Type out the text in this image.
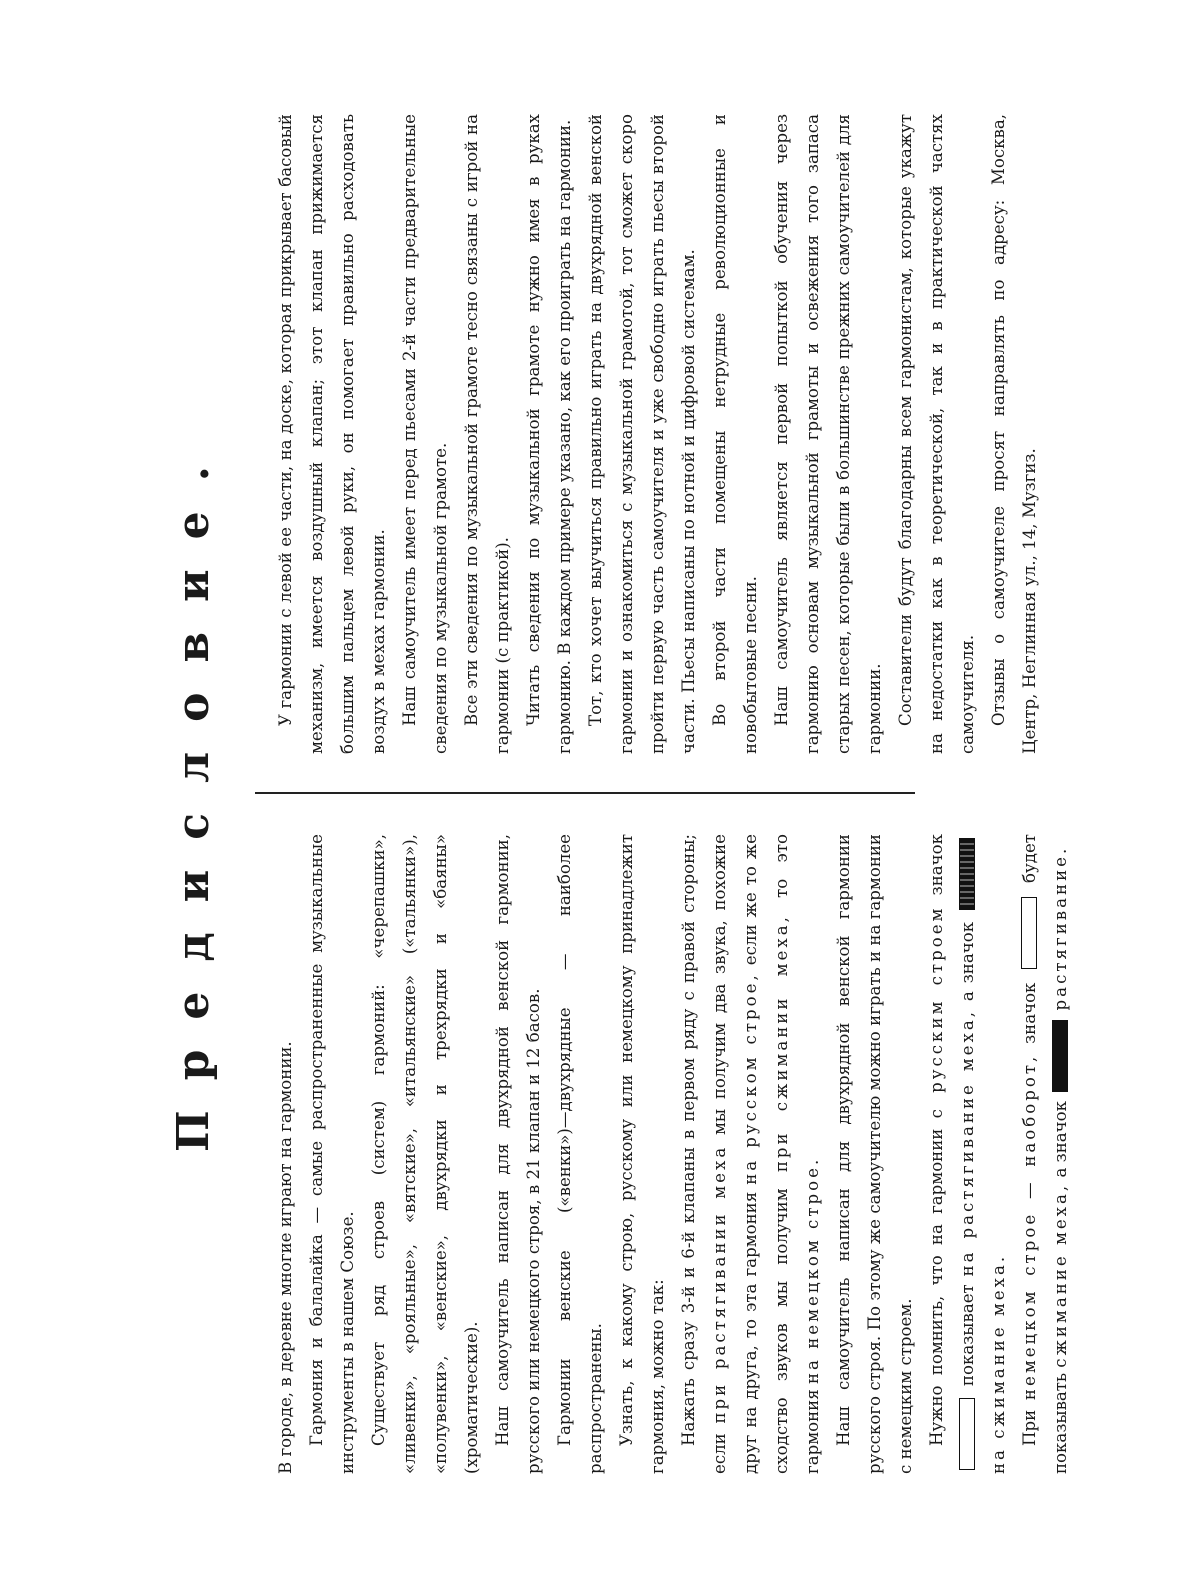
Предисловие.

В городе, в деревне многие играют на гармонии. Гармония и балалайка — самые распространенные музыкальные инструменты в нашем Союзе. Существует ряд строев (систем) гармоний: «черепашки», «ливенки», «рояльные», «вятские», «итальянские» («тальянки»), «полувенки», «венские», двухрядки и трехрядки и «баяны» (хроматические). Наш самоучитель написан для двухрядной венской гармонии, русского или немецкого строя, в 21 клапан и 12 басов. Гармонии венские («венки»)—двухрядные — наиболее распространены. Узнать, к какому строю, русскому или немецкому принадлежит гармония, можно так: Нажать сразу 3-й и 6-й клапаны в первом ряду с правой стороны; если при растягивании меха мы получим два звука, похожие друг на друга, то эта гармония на русском строе, если же то же сходство звуков мы получим при сжимании меха, то это гармония на немецком строе. Наш самоучитель написан для двухрядной венской гармонии русского строя. По этому же самоучителю можно играть и на гармонии с немецким строем. Нужно помнить, что на гармонии с русским строем значок  показывает на растягивание меха, а значок  на сжимание меха. При немецком строе — наоборот, значок  будет показывать сжимание меха, а значок  растягивание.

У гармонии с левой ее части, на доске, которая прикрывает басовый механизм, имеется воздушный клапан; этот клапан прижимается большим пальцем левой руки, он помогает правильно расходовать воздух в мехах гармонии. Наш самоучитель имеет перед пьесами 2-й части предварительные сведения по музыкальной грамоте. Все эти сведения по музыкальной грамоте тесно связаны с игрой на гармонии (с практикой). Читать сведения по музыкальной грамоте нужно имея в руках гармонию. В каждом примере указано, как его проиграть на гармонии. Тот, кто хочет выучиться правильно играть на двухрядной венской гармонии и ознакомиться с музыкальной грамотой, тот сможет скоро пройти первую часть самоучителя и уже свободно играть пьесы второй части. Пьесы написаны по нотной и цифровой системам. Во второй части помещены нетрудные революционные и новобытовые песни. Наш самоучитель является первой попыткой обучения через гармонию основам музыкальной грамоты и освежения того запаса старых песен, которые были в большинстве прежних самоучителей для гармонии. Составители будут благодарны всем гармонистам, которые укажут на недостатки как в теоретической, так и в практической частях самоучителя. Отзывы о самоучителе просят направлять по адресу: Москва, Центр, Неглинная ул., 14, Музгиз.
